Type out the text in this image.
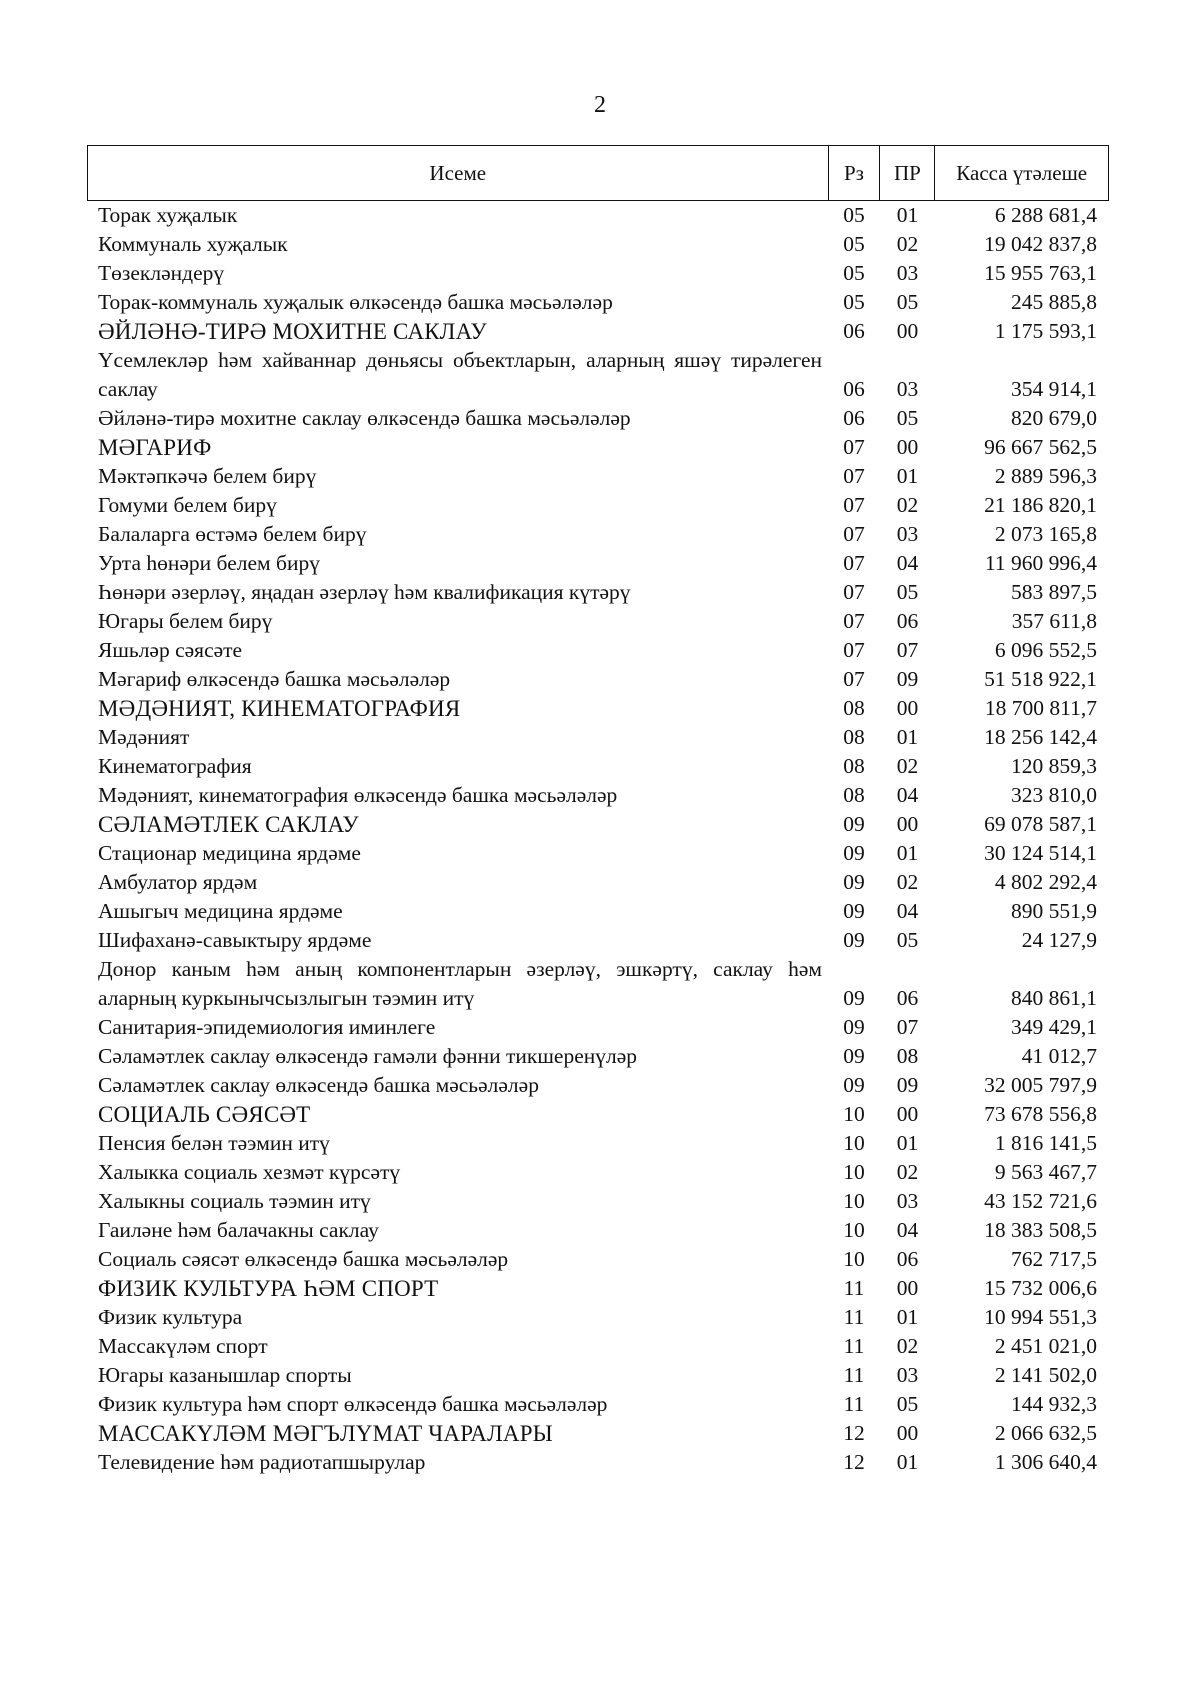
2
Исеме	Рз	ПР	Касса үтәлеше
Торак хуҗалык	05	01	6 288 681,4
Коммуналь хуҗалык	05	02	19 042 837,8
Төзекләндерү	05	03	15 955 763,1
Торак-коммуналь хуҗалык өлкәсендә башка мәсьәләләр	05	05	245 885,8
ӘЙЛӘНӘ-ТИРӘ МОХИТНЕ САКЛАУ	06	00	1 175 593,1
Үсемлекләр һәм хайваннар дөньясы объектларын, аларның яшәү тирәлеген саклау	06	03	354 914,1
Әйләнә-тирә мохитне саклау өлкәсендә башка мәсьәләләр	06	05	820 679,0
МӘГАРИФ	07	00	96 667 562,5
Мәктәпкәчә белем бирү	07	01	2 889 596,3
Гомуми белем бирү	07	02	21 186 820,1
Балаларга өстәмә белем бирү	07	03	2 073 165,8
Урта һөнәри белем бирү	07	04	11 960 996,4
Һөнәри әзерләү, яңадан әзерләү һәм квалификация күтәрү	07	05	583 897,5
Югары белем бирү	07	06	357 611,8
Яшьләр сәясәте	07	07	6 096 552,5
Мәгариф өлкәсендә башка мәсьәләләр	07	09	51 518 922,1
МӘДӘНИЯТ, КИНЕМАТОГРАФИЯ	08	00	18 700 811,7
Мәдәният	08	01	18 256 142,4
Кинематография	08	02	120 859,3
Мәдәният, кинематография өлкәсендә башка мәсьәләләр	08	04	323 810,0
СӘЛАМӘТЛЕК САКЛАУ	09	00	69 078 587,1
Стационар медицина ярдәме	09	01	30 124 514,1
Амбулатор ярдәм	09	02	4 802 292,4
Ашыгыч медицина ярдәме	09	04	890 551,9
Шифаханә-савыктыру ярдәме	09	05	24 127,9
Донор каным һәм аның компонентларын әзерләү, эшкәртү, саклау һәм аларның куркынычсызлыгын тәэмин итү	09	06	840 861,1
Санитария-эпидемиология иминлеге	09	07	349 429,1
Сәламәтлек саклау өлкәсендә гамәли фәнни тикшеренүләр	09	08	41 012,7
Сәламәтлек саклау өлкәсендә башка мәсьәләләр	09	09	32 005 797,9
СОЦИАЛЬ СӘЯСӘТ	10	00	73 678 556,8
Пенсия белән тәэмин итү	10	01	1 816 141,5
Халыкка социаль хезмәт күрсәтү	10	02	9 563 467,7
Халыкны социаль тәэмин итү	10	03	43 152 721,6
Гаиләне һәм балачакны саклау	10	04	18 383 508,5
Социаль сәясәт өлкәсендә башка мәсьәләләр	10	06	762 717,5
ФИЗИК КУЛЬТУРА ҺӘМ СПОРТ	11	00	15 732 006,6
Физик культура	11	01	10 994 551,3
Массакүләм спорт	11	02	2 451 021,0
Югары казанышлар спорты	11	03	2 141 502,0
Физик культура һәм спорт өлкәсендә башка мәсьәләләр	11	05	144 932,3
МАССАКҮЛӘМ МӘГЪЛҮМАТ ЧАРАЛАРЫ	12	00	2 066 632,5
Телевидение һәм радиотапшырулар	12	01	1 306 640,4
